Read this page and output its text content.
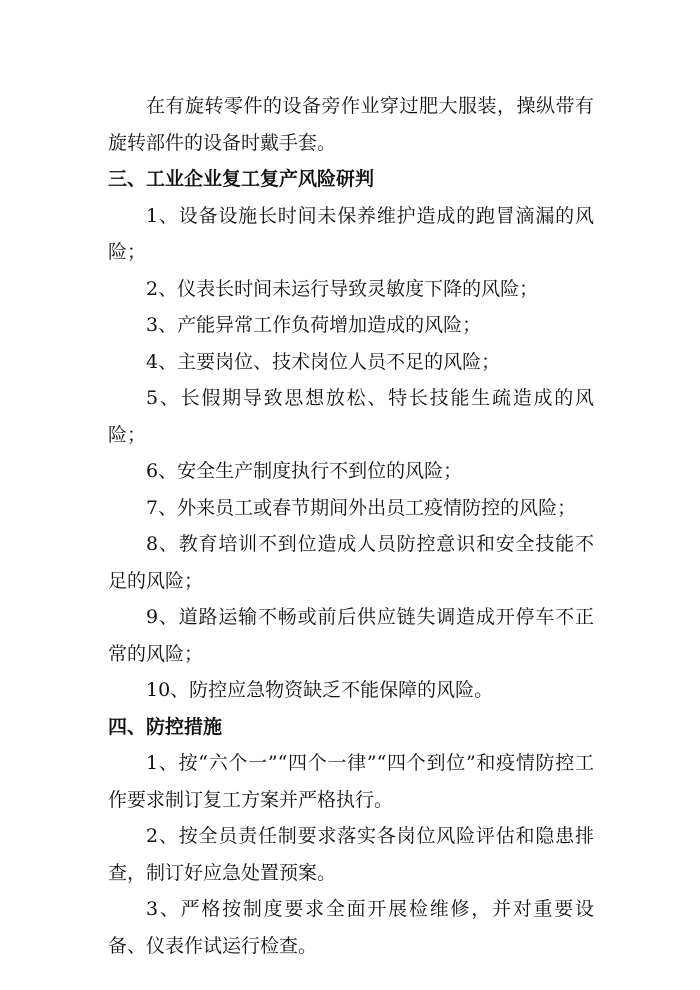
在有旋转零件的设备旁作业穿过肥大服装，操纵带有旋转部件的设备时戴手套。

三、工业企业复工复产风险研判

1、设备设施长时间未保养维护造成的跑冒滴漏的风险；

2、仪表长时间未运行导致灵敏度下降的风险；

3、产能异常工作负荷增加造成的风险；

4、主要岗位、技术岗位人员不足的风险；

5、长假期导致思想放松、特长技能生疏造成的风险；

6、安全生产制度执行不到位的风险；

7、外来员工或春节期间外出员工疫情防控的风险；

8、教育培训不到位造成人员防控意识和安全技能不足的风险；

9、道路运输不畅或前后供应链失调造成开停车不正常的风险；

10、防控应急物资缺乏不能保障的风险。

四、防控措施

1、按“六个一”“四个一律”“四个到位”和疫情防控工作要求制订复工方案并严格执行。

2、按全员责任制要求落实各岗位风险评估和隐患排查，制订好应急处置预案。

3、严格按制度要求全面开展检维修，并对重要设备、仪表作试运行检查。
